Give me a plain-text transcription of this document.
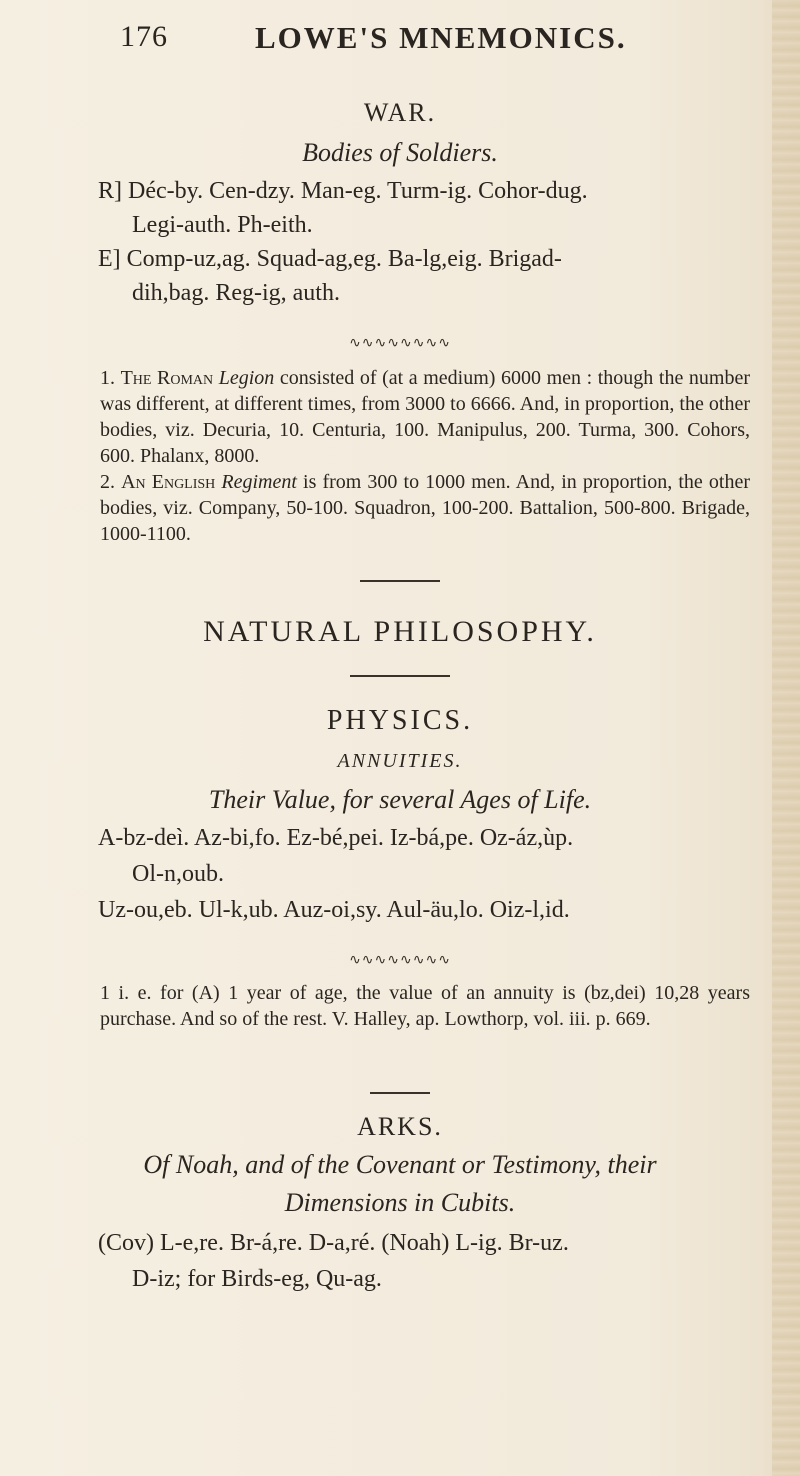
176	LOWE'S MNEMONICS.
WAR.
Bodies of Soldiers.
R] Déc-by. Cen-dzy. Man-eg. Turm-ig. Cohor-dug.
Legi-auth. Ph-eith.
E] Comp-uz,ag. Squad-ag,eg. Ba-lg,eig. Brigad-
dih,bag. Reg-ig, auth.
∿∿∿∿∿∿∿∿
1. The Roman Legion consisted of (at a medium) 6000 men : though the number was different, at different times, from 3000 to 6666. And, in proportion, the other bodies, viz. Decuria, 10. Centuria, 100. Manipulus, 200. Turma, 300. Cohors, 600. Phalanx, 8000.
2. An English Regiment is from 300 to 1000 men. And, in proportion, the other bodies, viz. Company, 50-100. Squadron, 100-200. Battalion, 500-800. Brigade, 1000-1100.
NATURAL PHILOSOPHY.
PHYSICS.
ANNUITIES.
Their Value, for several Ages of Life.
A-bz-deì. Az-bi,fo. Ez-bé,pei. Iz-bá,pe. Oz-áz,ùp.
Ol-n,oub.
Uz-ou,eb. Ul-k,ub. Auz-oi,sy. Aul-äu,lo. Oiz-l,id.
∿∿∿∿∿∿∿∿
1 i. e. for (A) 1 year of age, the value of an annuity is (bz,dei) 10,28 years purchase. And so of the rest. V. Halley, ap. Lowthorp, vol. iii. p. 669.
ARKS.
Of Noah, and of the Covenant or Testimony, their
Dimensions in Cubits.
(Cov) L-e,re. Br-á,re. D-a,ré. (Noah) L-ig. Br-uz.
D-iz; for Birds-eg, Qu-ag.
